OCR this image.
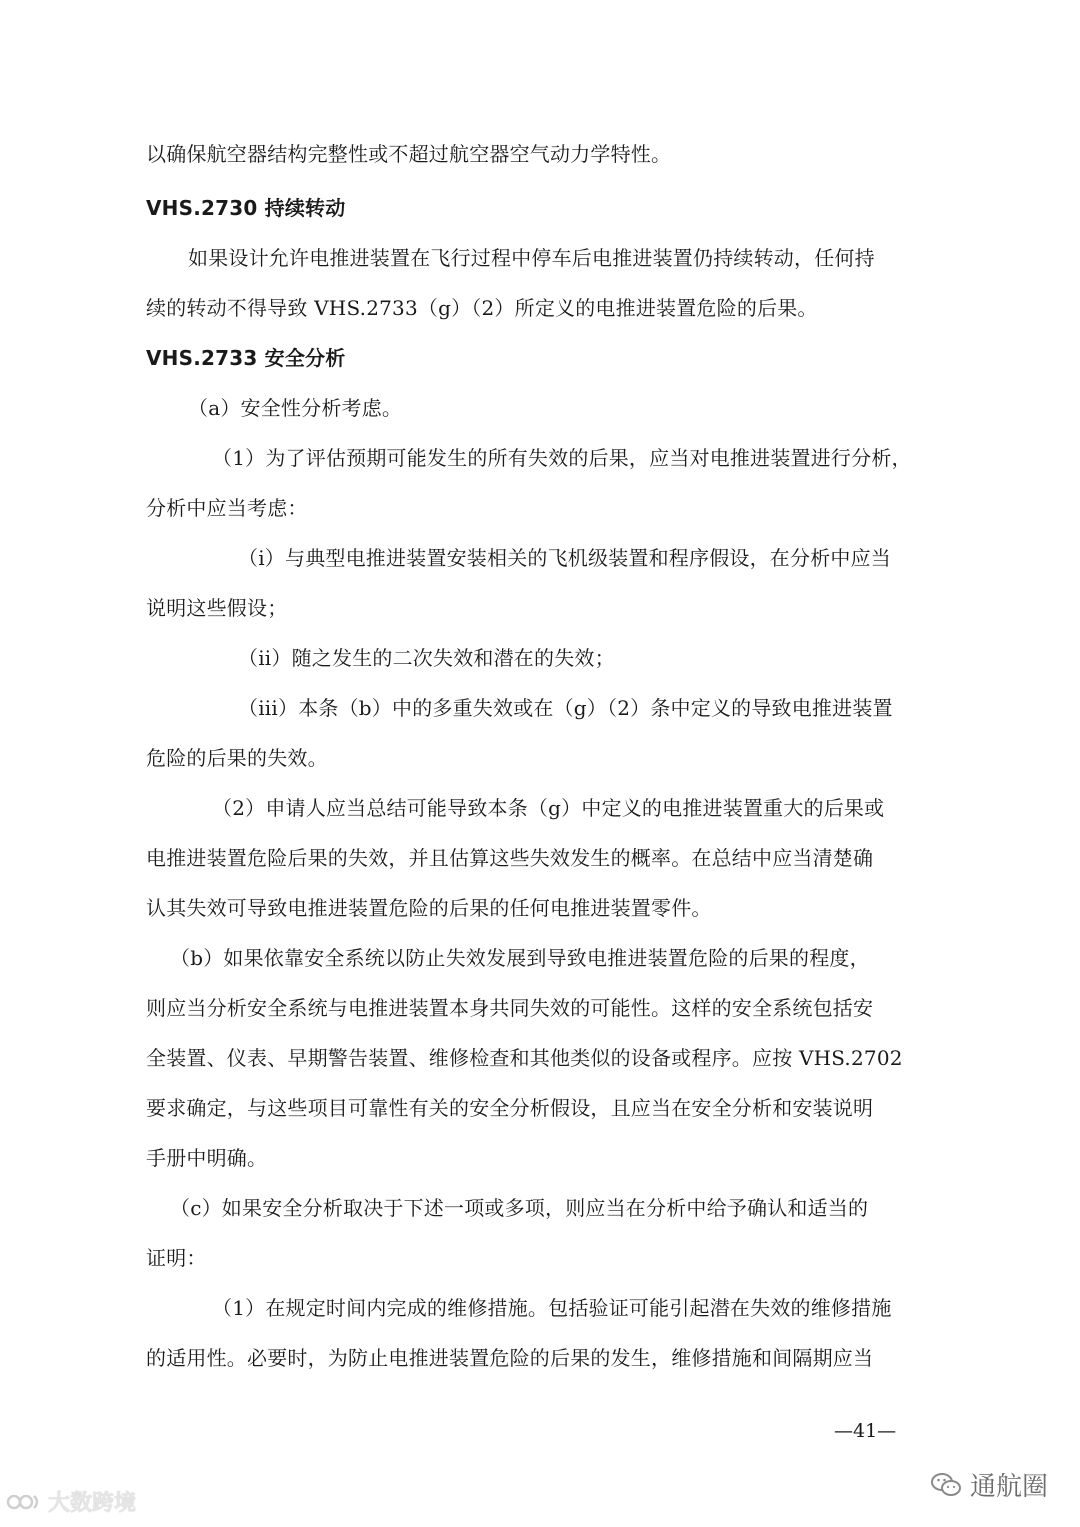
以确保航空器结构完整性或不超过航空器空气动力学特性。
VHS.2730 持续转动
如果设计允许电推进装置在飞行过程中停车后电推进装置仍持续转动，任何持
续的转动不得导致 VHS.2733（g）（2）所定义的电推进装置危险的后果。
VHS.2733 安全分析
（a）安全性分析考虑。
（1）为了评估预期可能发生的所有失效的后果，应当对电推进装置进行分析，
分析中应当考虑：
（i）与典型电推进装置安装相关的飞机级装置和程序假设，在分析中应当
说明这些假设；
（ii）随之发生的二次失效和潜在的失效；
（iii）本条（b）中的多重失效或在（g）（2）条中定义的导致电推进装置
危险的后果的失效。
（2）申请人应当总结可能导致本条（g）中定义的电推进装置重大的后果或
电推进装置危险后果的失效，并且估算这些失效发生的概率。在总结中应当清楚确
认其失效可导致电推进装置危险的后果的任何电推进装置零件。
（b）如果依靠安全系统以防止失效发展到导致电推进装置危险的后果的程度，
则应当分析安全系统与电推进装置本身共同失效的可能性。这样的安全系统包括安
全装置、仪表、早期警告装置、维修检查和其他类似的设备或程序。应按 VHS.2702
要求确定，与这些项目可靠性有关的安全分析假设，且应当在安全分析和安装说明
手册中明确。
（c）如果安全分析取决于下述一项或多项，则应当在分析中给予确认和适当的
证明：
（1）在规定时间内完成的维修措施。包括验证可能引起潜在失效的维修措施
的适用性。必要时，为防止电推进装置危险的后果的发生，维修措施和间隔期应当
—41—
大数跨境
通航圈
